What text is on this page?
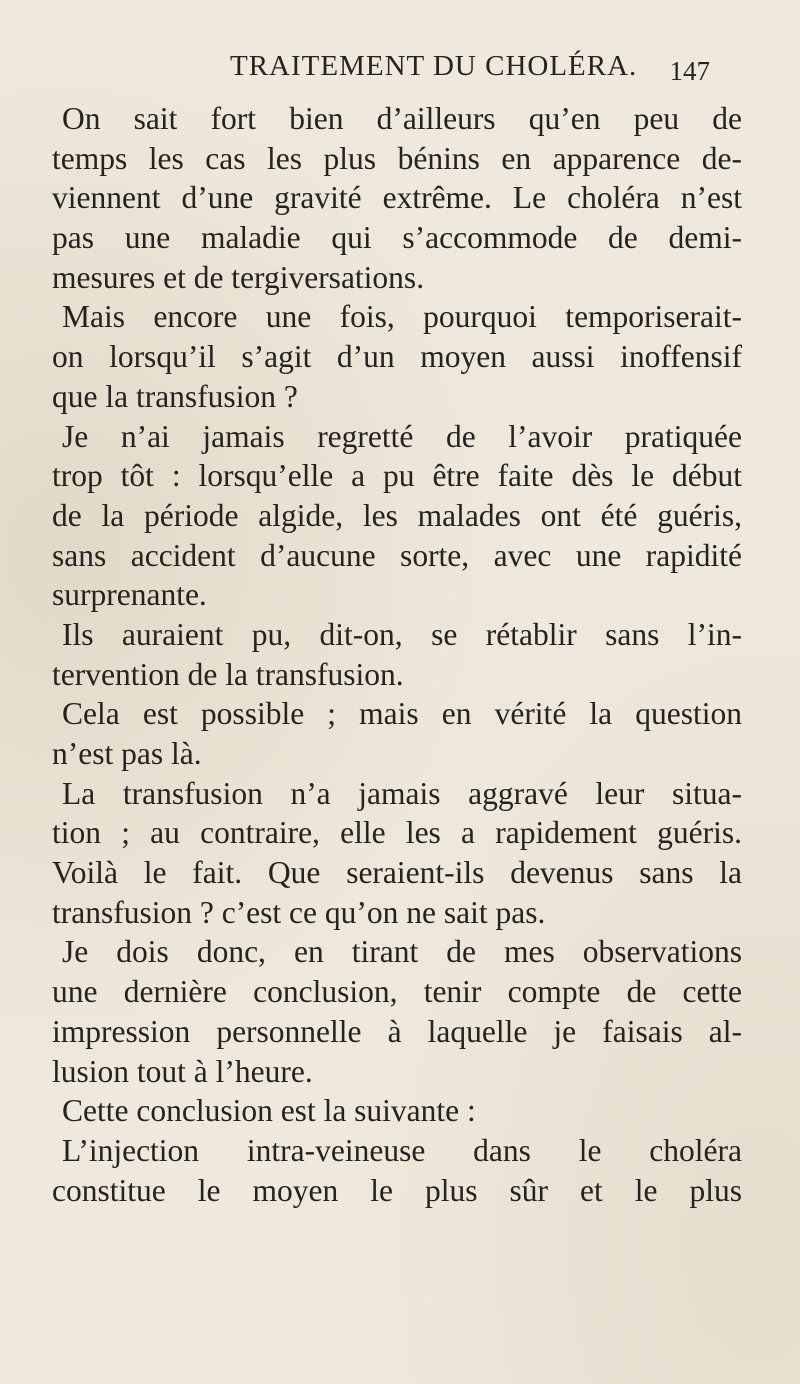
TRAITEMENT DU CHOLÉRA. 147
On sait fort bien d’ailleurs qu’en peu de
temps les cas les plus bénins en apparence de-
viennent d’une gravité extrême. Le choléra n’est
pas une maladie qui s’accommode de demi-
mesures et de tergiversations.
Mais encore une fois, pourquoi temporiserait-
on lorsqu’il s’agit d’un moyen aussi inoffensif
que la transfusion ?
Je n’ai jamais regretté de l’avoir pratiquée
trop tôt : lorsqu’elle a pu être faite dès le début
de la période algide, les malades ont été guéris,
sans accident d’aucune sorte, avec une rapidité
surprenante.
Ils auraient pu, dit-on, se rétablir sans l’in-
tervention de la transfusion.
Cela est possible ; mais en vérité la question
n’est pas là.
La transfusion n’a jamais aggravé leur situa-
tion ; au contraire, elle les a rapidement guéris.
Voilà le fait. Que seraient-ils devenus sans la
transfusion ? c’est ce qu’on ne sait pas.
Je dois donc, en tirant de mes observations
une dernière conclusion, tenir compte de cette
impression personnelle à laquelle je faisais al-
lusion tout à l’heure.
Cette conclusion est la suivante :
L’injection intra-veineuse dans le choléra
constitue le moyen le plus sûr et le plus
